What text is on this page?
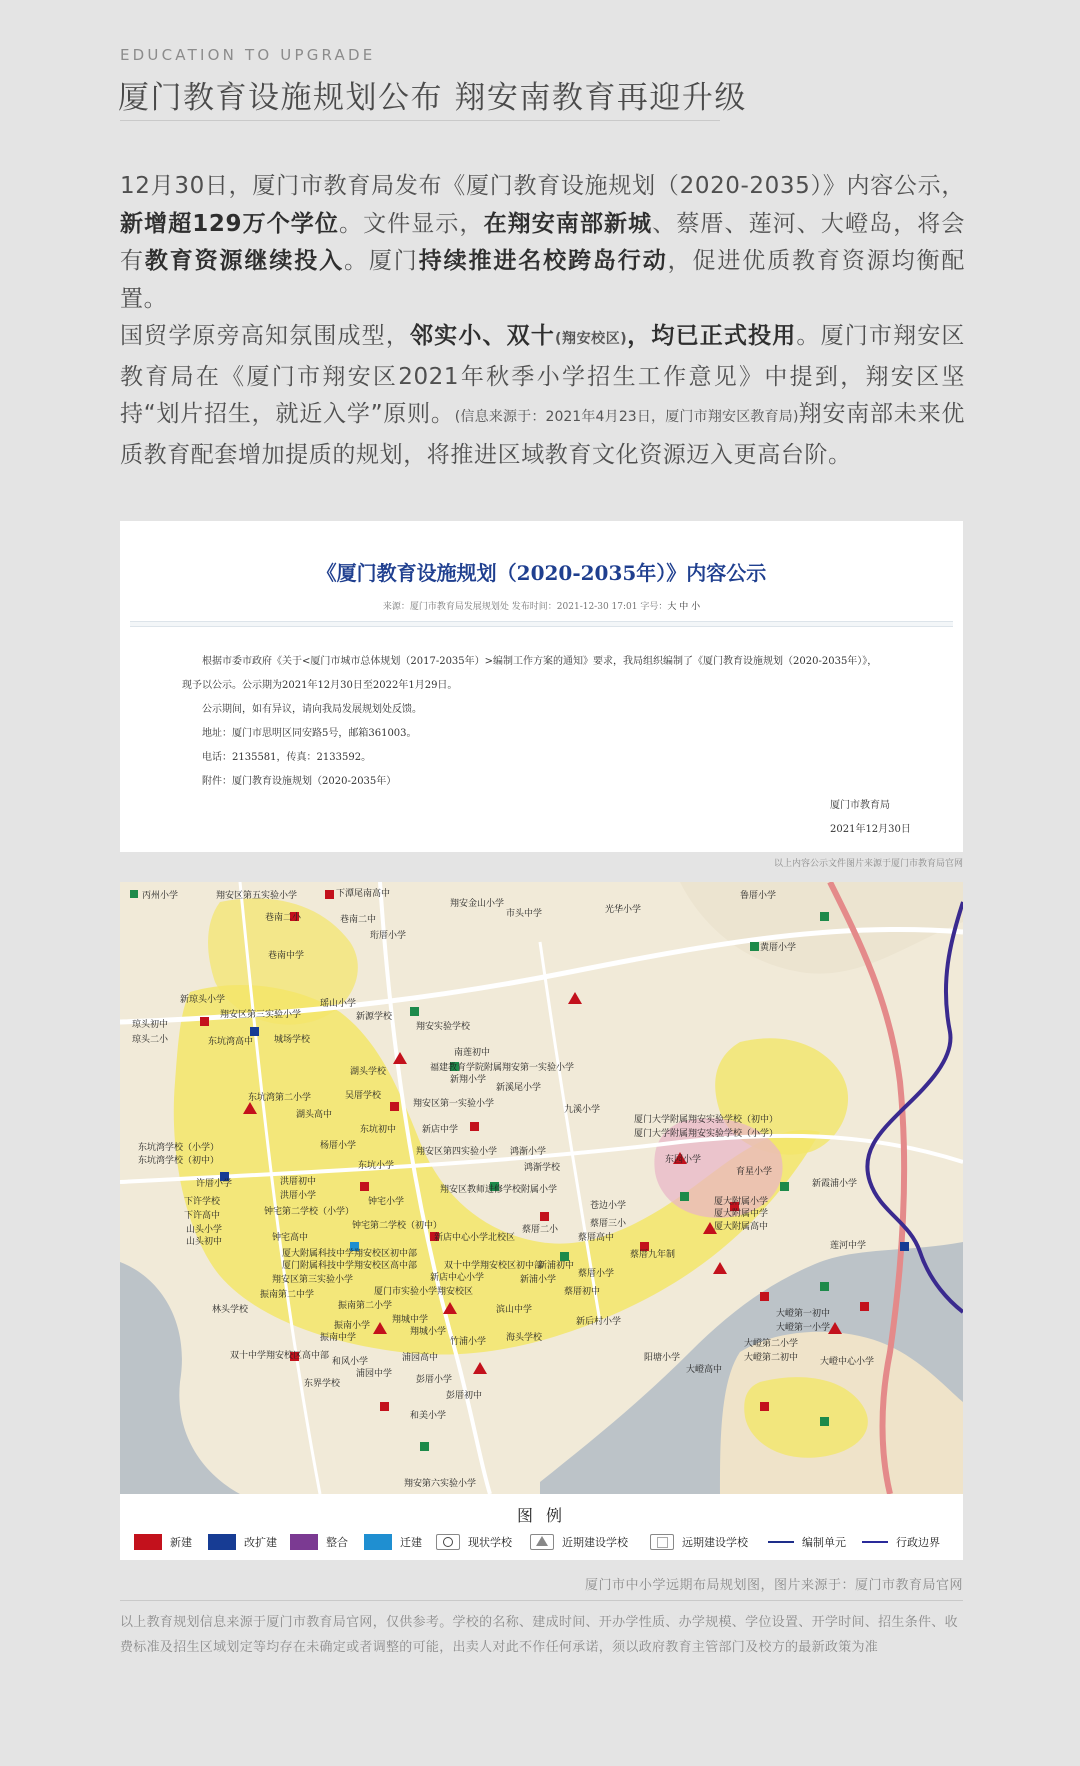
EDUCATION TO UPGRADE
厦门教育设施规划公布 翔安南教育再迎升级

12月30日，厦门市教育局发布《厦门教育设施规划（2020-2035）》内容公示，新增超129万个学位。文件显示，在翔安南部新城、蔡厝、莲河、大嶝岛，将会有教育资源继续投入。厦门持续推进名校跨岛行动，促进优质教育资源均衡配置。

国贸学原旁高知氛围成型，邻实小、双十(翔安校区)，均已正式投用。厦门市翔安区教育局在《厦门市翔安区2021年秋季小学招生工作意见》中提到，翔安区坚持“划片招生，就近入学”原则。(信息来源于：2021年4月23日，厦门市翔安区教育局)翔安南部未来优质教育配套增加提质的规划，将推进区域教育文化资源迈入更高台阶。

《厦门教育设施规划（2020-2035年）》内容公示
来源：厦门市教育局发展规划处 发布时间：2021-12-30 17:01 字号：大 中 小
根据市委市政府《关于<厦门市城市总体规划（2017-2035年）>编制工作方案的通知》要求，我局组织编制了《厦门教育设施规划（2020-2035年）》，
现予以公示。公示期为2021年12月30日至2022年1月29日。
公示期间，如有异议，请向我局发展规划处反馈。
地址：厦门市思明区同安路5号，邮箱361003。
电话：2135581，传真：2133592。
附件：厦门教育设施规划（2020-2035年）
厦门市教育局
2021年12月30日
以上内容公示文件图片来源于厦门市教育局官网
丙州小学	翔安区第五实验小学	下潭尾南高中
翔安金山小学
市头中学	光华小学
鲁厝小学
巷南二小	巷南二中
巷南中学
珩厝小学
黄厝小学
新琼头小学
翔安区第三实验小学
瑶山小学
新源学校
翔安实验学校
琼头初中
琼头二小	城场学校
东坑湾高中
南莲初中
福建教育学院附属翔安第一实验小学
新翔小学
新溪尾小学
湖头学校
东坑湾第二小学	吴厝学校
翔安区第一实验小学
九溪小学
湖头高中
东坑初中	新店中学
厦门大学附属翔安实验学校（初中）
厦门大学附属翔安实验学校（小学）
东园小学
东坑湾学校（小学）
东坑湾学校（初中）
杨厝小学
翔安区第四实验小学 鸿渐小学
东坑小学	鸿渐学校	育星小学
新霞浦小学
许厝小学	洪厝初中
洪厝小学
钟宅小学
翔安区教师进修学校附属小学
下许学校
下许高中	钟宅第二学校（小学）
钟宅第二学校（初中）
苍边小学
山头小学
山头初中	钟宅高中	新店中心小学北校区
蔡厝二小
蔡厝三小
蔡厝高中
厦大附属小学
厦大附属中学
厦大附属高中
莲河中学
厦大附属科技中学翔安校区初中部
厦门附属科技中学翔安校区高中部	双十中学翔安校区初中部
新浦初中
蔡厝九年制
翔安区第三实验小学	新店中心小学	新浦小学
蔡厝小学
振南第二中学	厦门市实验小学翔安校区	蔡厝初中
振南第二小学
林头学校
翔城中学
滨山中学
新后村小学
大嶝第一初中
大嶝第一小学
大嶝第二小学
大嶝第二初中 大嶝中心小学
阳塘小学
大嶝高中
振南小学
振南中学
翔城小学
竹浦小学 海头学校
双十中学翔安校区高中部
和风小学
浦园中学
浦园高中
东界学校	彭厝小学
彭厝初中
和美小学
翔安第六实验小学
图 例
新建	改扩建	整合	迁建	现状学校	近期建设学校	远期建设学校	编制单元	行政边界
厦门市中小学远期布局规划图，图片来源于：厦门市教育局官网
以上教育规划信息来源于厦门市教育局官网，仅供参考。学校的名称、建成时间、开办学性质、办学规模、学位设置、开学时间、招生条件、收费标准及招生区域划定等均存在未确定或者调整的可能，出卖人对此不作任何承诺，须以政府教育主管部门及校方的最新政策为准
